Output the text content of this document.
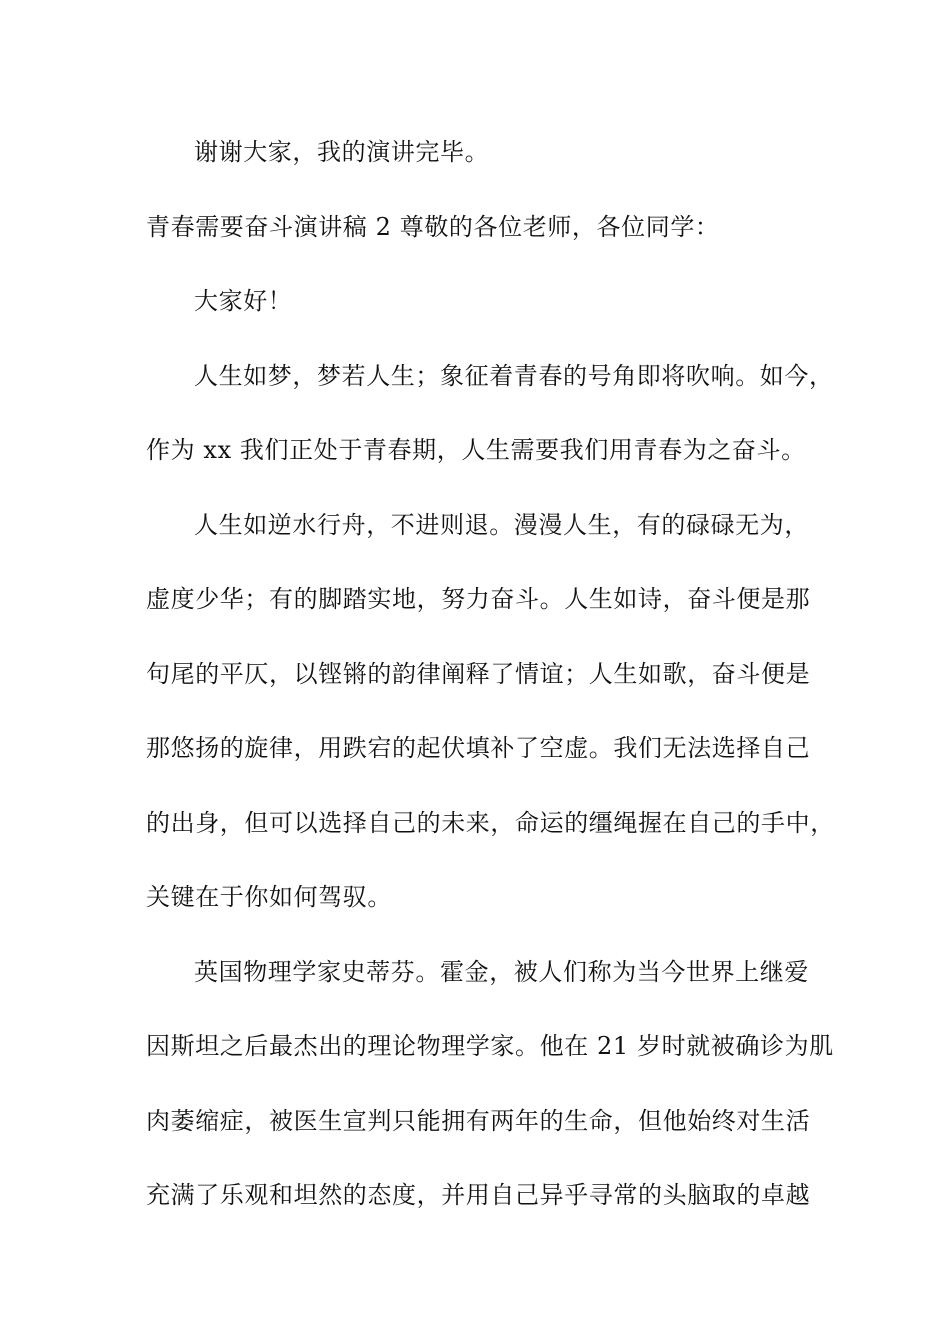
谢谢大家，我的演讲完毕。

青春需要奋斗演讲稿 2 尊敬的各位老师，各位同学：

大家好！

人生如梦，梦若人生；象征着青春的号角即将吹响。如今，

作为 xx 我们正处于青春期，人生需要我们用青春为之奋斗。

人生如逆水行舟，不进则退。漫漫人生，有的碌碌无为，

虚度少华；有的脚踏实地，努力奋斗。人生如诗，奋斗便是那

句尾的平仄，以铿锵的韵律阐释了情谊；人生如歌，奋斗便是

那悠扬的旋律，用跌宕的起伏填补了空虚。我们无法选择自己

的出身，但可以选择自己的未来，命运的缰绳握在自己的手中，

关键在于你如何驾驭。

英国物理学家史蒂芬。霍金，被人们称为当今世界上继爱

因斯坦之后最杰出的理论物理学家。他在 21 岁时就被确诊为肌

肉萎缩症，被医生宣判只能拥有两年的生命，但他始终对生活

充满了乐观和坦然的态度，并用自己异乎寻常的头脑取的卓越
